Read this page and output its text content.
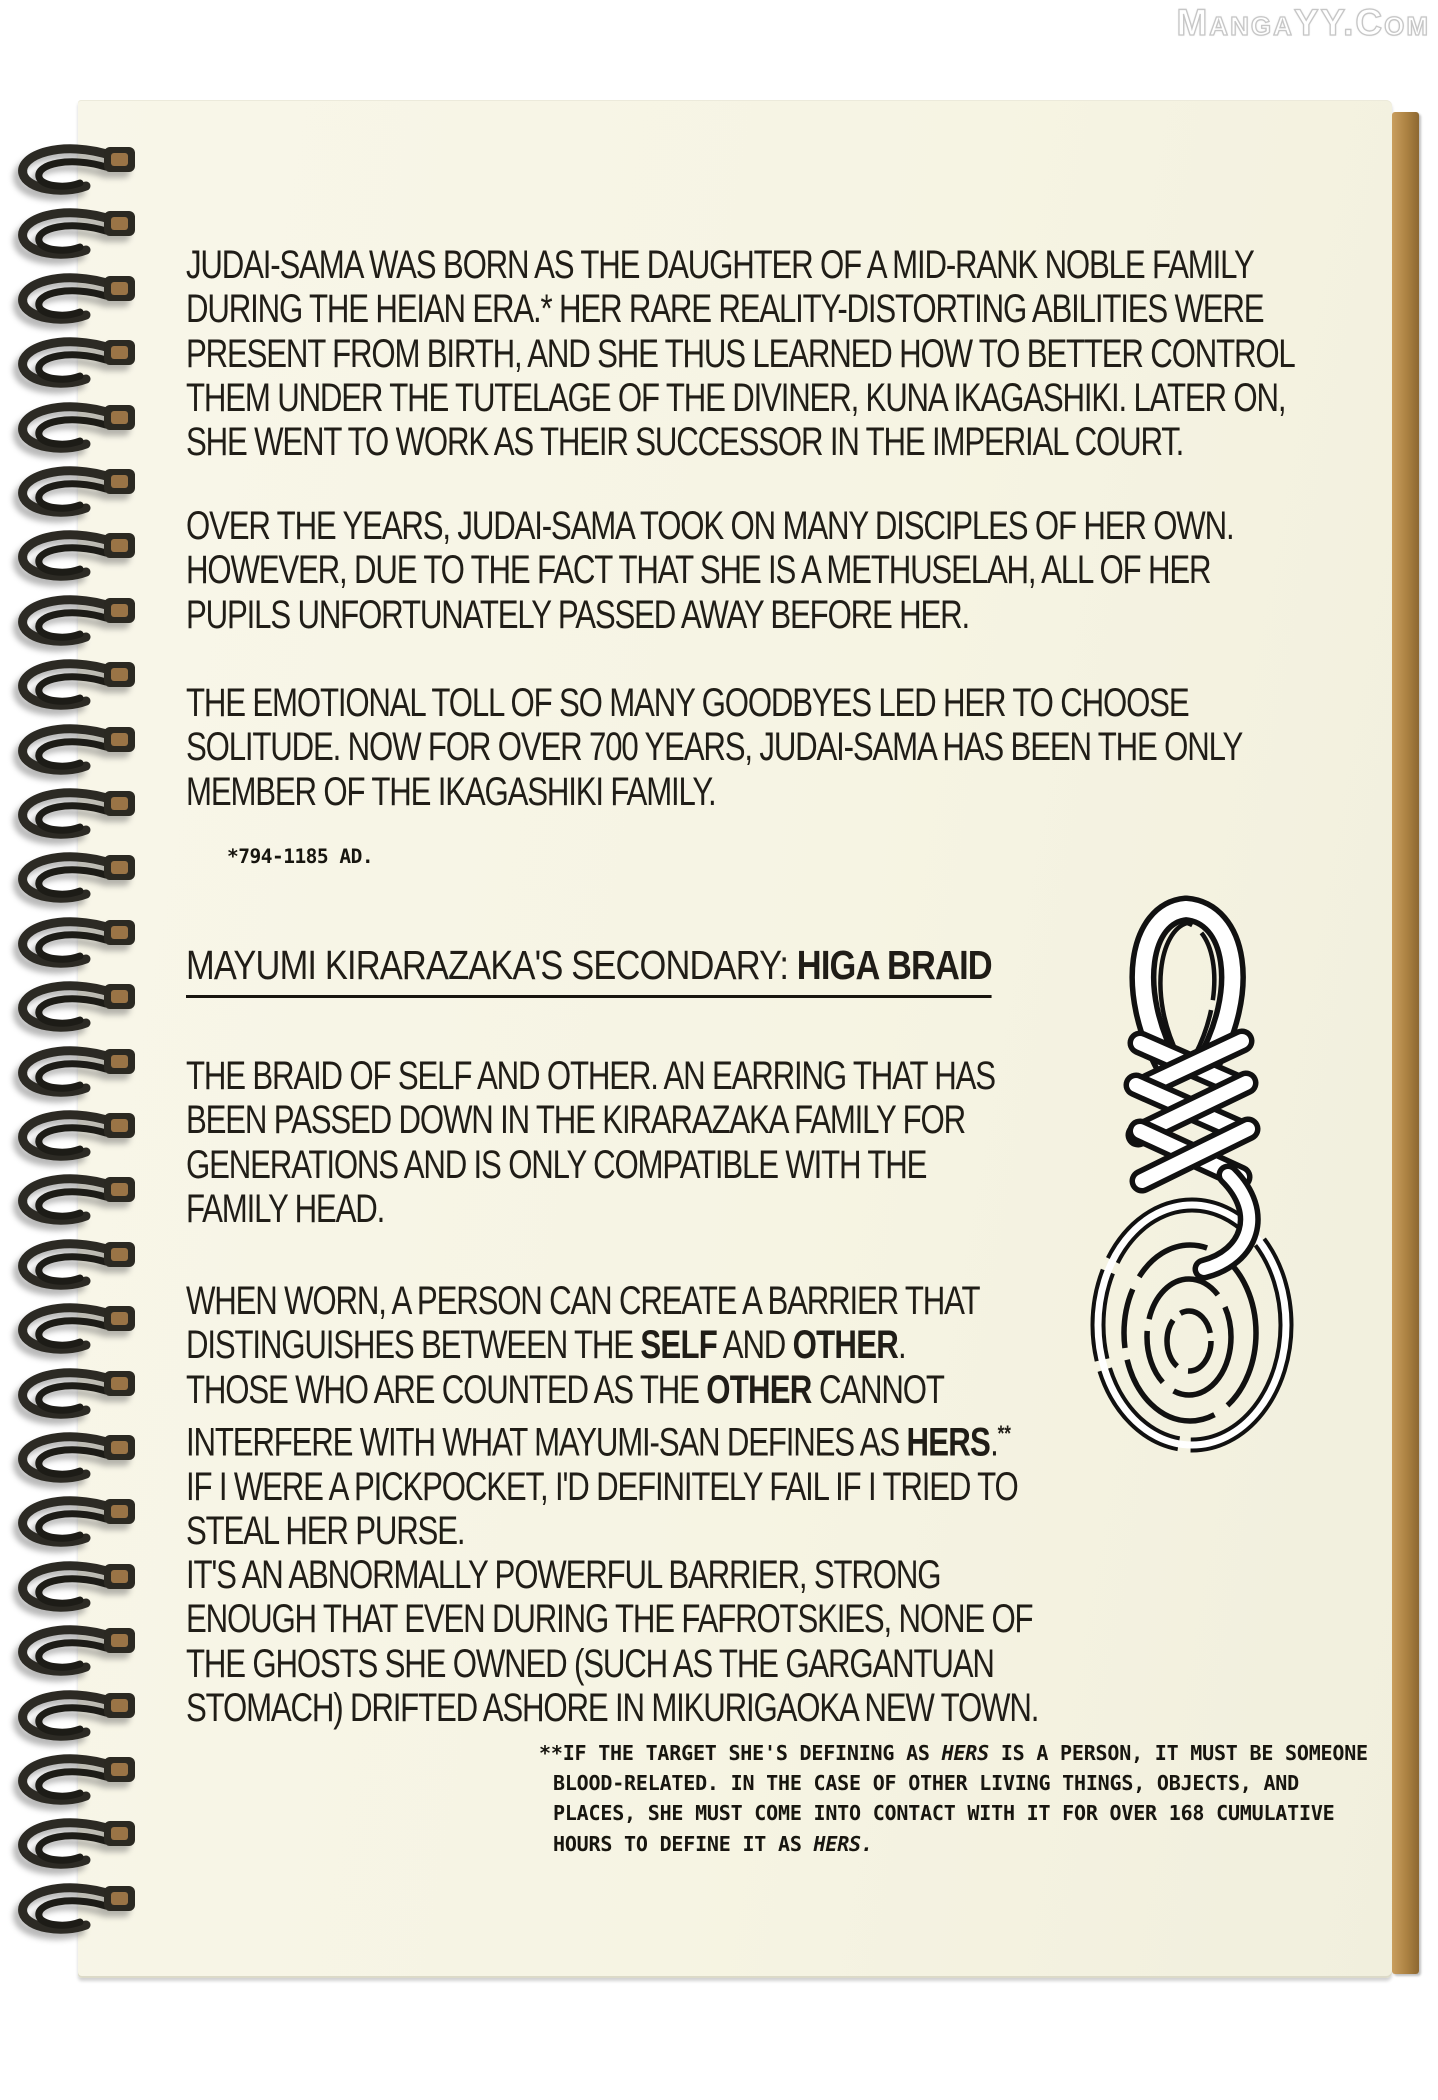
MangaYY.Com
JUDAI-SAMA WAS BORN AS THE DAUGHTER OF A MID-RANK NOBLE FAMILY
DURING THE HEIAN ERA.* HER RARE REALITY-DISTORTING ABILITIES WERE
PRESENT FROM BIRTH, AND SHE THUS LEARNED HOW TO BETTER CONTROL
THEM UNDER THE TUTELAGE OF THE DIVINER, KUNA IKAGASHIKI. LATER ON,
SHE WENT TO WORK AS THEIR SUCCESSOR IN THE IMPERIAL COURT.
OVER THE YEARS, JUDAI-SAMA TOOK ON MANY DISCIPLES OF HER OWN.
HOWEVER, DUE TO THE FACT THAT SHE IS A METHUSELAH, ALL OF HER
PUPILS UNFORTUNATELY PASSED AWAY BEFORE HER.
THE EMOTIONAL TOLL OF SO MANY GOODBYES LED HER TO CHOOSE
SOLITUDE. NOW FOR OVER 700 YEARS, JUDAI-SAMA HAS BEEN THE ONLY
MEMBER OF THE IKAGASHIKI FAMILY.
*794-1185 AD.
MAYUMI KIRARAZAKA'S SECONDARY: HIGA BRAID
THE BRAID OF SELF AND OTHER. AN EARRING THAT HAS
BEEN PASSED DOWN IN THE KIRARAZAKA FAMILY FOR
GENERATIONS AND IS ONLY COMPATIBLE WITH THE
FAMILY HEAD.
WHEN WORN, A PERSON CAN CREATE A BARRIER THAT
DISTINGUISHES BETWEEN THE SELF AND OTHER.
THOSE WHO ARE COUNTED AS THE OTHER CANNOT
INTERFERE WITH WHAT MAYUMI-SAN DEFINES AS HERS.**
IF I WERE A PICKPOCKET, I'D DEFINITELY FAIL IF I TRIED TO
STEAL HER PURSE.
IT'S AN ABNORMALLY POWERFUL BARRIER, STRONG
ENOUGH THAT EVEN DURING THE FAFROTSKIES, NONE OF
THE GHOSTS SHE OWNED (SUCH AS THE GARGANTUAN
STOMACH) DRIFTED ASHORE IN MIKURIGAOKA NEW TOWN.
**IF THE TARGET SHE'S DEFINING AS HERS IS A PERSON, IT MUST BE SOMEONE
BLOOD-RELATED. IN THE CASE OF OTHER LIVING THINGS, OBJECTS, AND
PLACES, SHE MUST COME INTO CONTACT WITH IT FOR OVER 168 CUMULATIVE
HOURS TO DEFINE IT AS HERS.
